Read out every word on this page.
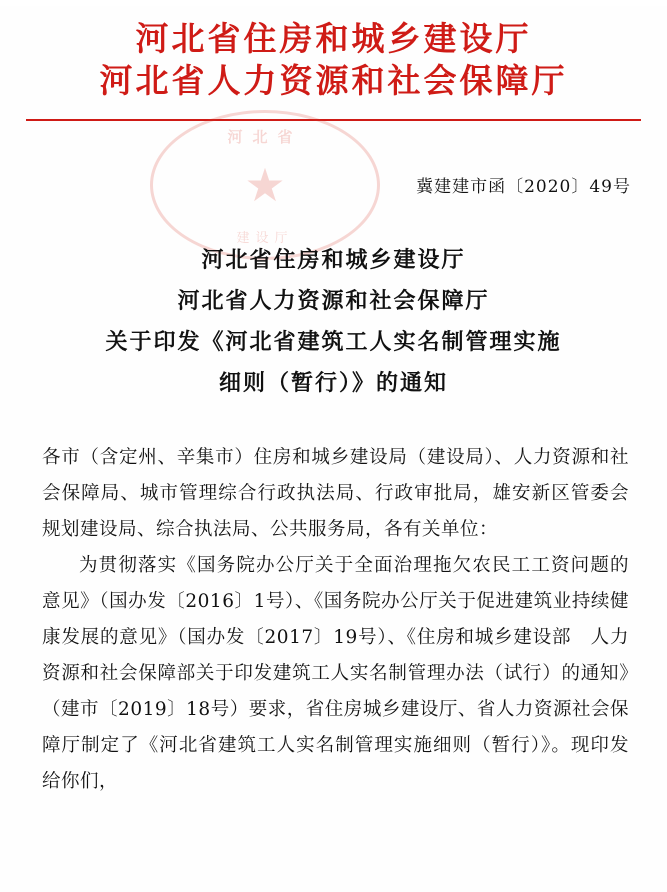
河北省住房和城乡建设厅
河北省人力资源和社会保障厅
河北省
★
建设厅
冀建建市函〔2020〕49号
河北省住房和城乡建设厅
河北省人力资源和社会保障厅
关于印发《河北省建筑工人实名制管理实施
细则（暂行）》的通知

各市（含定州、辛集市）住房和城乡建设局（建设局）、人力资源和社会保障局、城市管理综合行政执法局、行政审批局，雄安新区管委会规划建设局、综合执法局、公共服务局，各有关单位：

为贯彻落实《国务院办公厅关于全面治理拖欠农民工工资问题的意见》（国办发〔2016〕1号）、《国务院办公厅关于促进建筑业持续健康发展的意见》（国办发〔2017〕19号）、《住房和城乡建设部　人力资源和社会保障部关于印发建筑工人实名制管理办法（试行）的通知》（建市〔2019〕18号）要求，省住房城乡建设厅、省人力资源社会保障厅制定了《河北省建筑工人实名制管理实施细则（暂行）》。现印发给你们，
